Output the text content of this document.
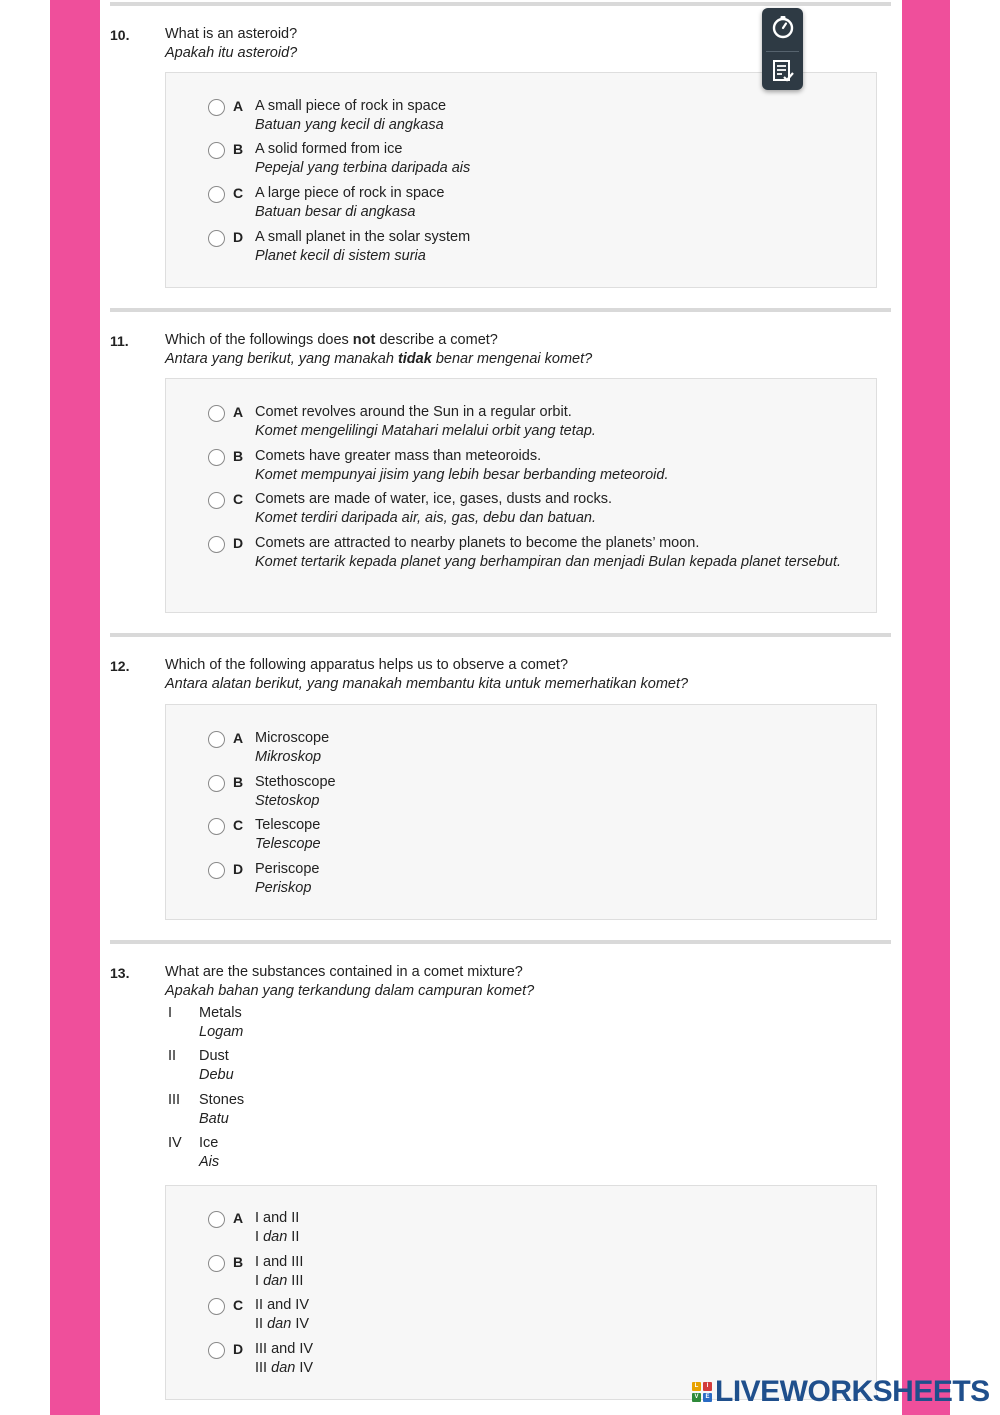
10. What is an asteroid?
Apakah itu asteroid?
A A small piece of rock in space
Batuan yang kecil di angkasa
B A solid formed from ice
Pepejal yang terbina daripada ais
C A large piece of rock in space
Batuan besar di angkasa
D A small planet in the solar system
Planet kecil di sistem suria
11.	Which of the followings does not describe a comet?
Antara yang berikut, yang manakah tidak benar mengenai komet?
A Comet revolves around the Sun in a regular orbit.
Komet mengelilingi Matahari melalui orbit yang tetap.
B Comets have greater mass than meteoroids.
Komet mempunyai jisim yang lebih besar berbanding meteoroid.
C Comets are made of water, ice, gases, dusts and rocks.
Komet terdiri daripada air, ais, gas, debu dan batuan.
D Comets are attracted to nearby planets to become the planets’ moon.
Komet tertarik kepada planet yang berhampiran dan menjadi Bulan kepada planet tersebut.
12. Which of the following apparatus helps us to observe a comet?
Antara alatan berikut, yang manakah membantu kita untuk memerhatikan komet?
A Microscope
Mikroskop
B Stethoscope
Stetoskop
C Telescope
Telescope
D Periscope
Periskop
13. What are the substances contained in a comet mixture?
Apakah bahan yang terkandung dalam campuran komet?
I	Metals
Logam
II	Dust
Debu
III	Stones
Batu
IV	Ice
Ais
A I and II
I dan II
B I and III
I dan III
C II and IV
II dan IV
D III and IV
III dan IV
L	I
V	E LIVEWORKSHEETS
